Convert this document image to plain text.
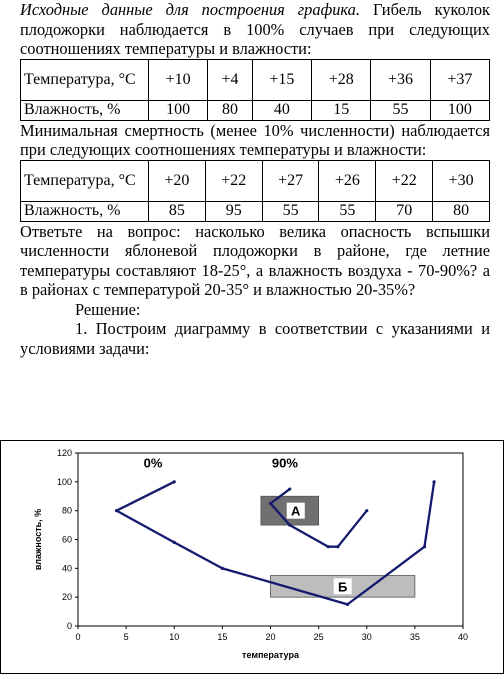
Исходные данные для построения графика. Гибель куколок плодожорки наблюдается в 100% случаев при следующих соотношениях температуры и влажности:

Температура, °С	+10	+4	+15	+28	+36	+37
Влажность, %	100	80	40	15	55	100

Минимальная смертность (менее 10% численности) наблюдается при следующих соотношениях температуры и влажности:

Температура, °С	+20	+22	+27	+26	+22	+30
Влажность, %	85	95	55	55	70	80

Ответьте на вопрос: насколько велика опасность вспышки численности яблоневой плодожорки в районе, где летние температуры составляют 18-25°, а влажность воздуха - 70-90%? а в районах с температурой 20-35° и влажностью 20-35%?

Решение:

1. Построим диаграмму в соответствии с указаниями и условиями задачи:

А
Б
0	5	10	15	20	25	30	35	40
0
20
40
60
80
100
120
температура
влажность, %
0%	90%
